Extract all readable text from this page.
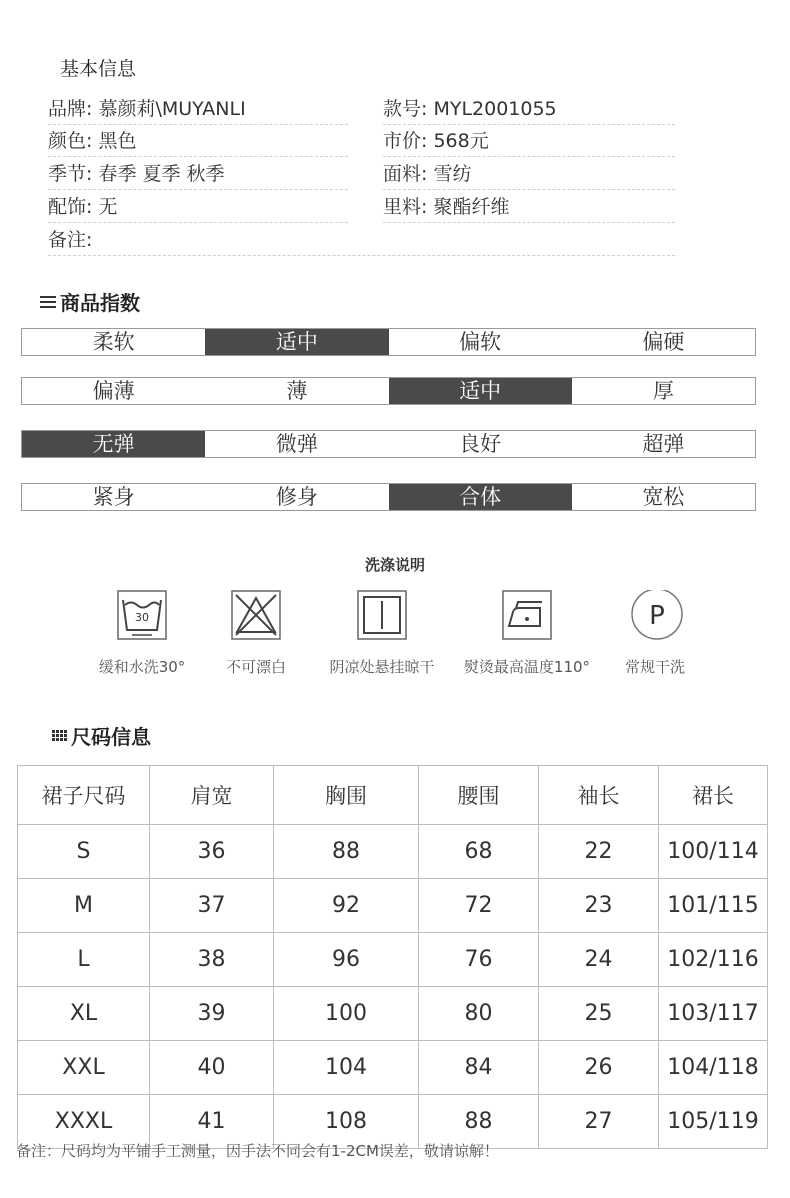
基本信息
品牌: 慕颜莉\MUYANLI	款号: MYL2001055
颜色: 黑色	市价: 568元
季节: 春季 夏季 秋季	面料: 雪纺
配饰: 无	里料: 聚酯纤维
备注:
商品指数
柔软	适中	偏软	偏硬
偏薄	薄	适中	厚
无弹	微弹	良好	超弹
紧身	修身	合体	宽松
洗涤说明
30
缓和水洗30°	不可漂白	阴凉处悬挂晾干	熨烫最高温度110°
P
常规干洗
尺码信息
裙子尺码	肩宽	胸围	腰围	袖长	裙长
S	36	88	68	22	100/114
M	37	92	72	23	101/115
L	38	96	76	24	102/116
XL	39	100	80	25	103/117
XXL	40	104	84	26	104/118
XXXL	41	108	88	27	105/119
备注：尺码均为平铺手工测量，因手法不同会有1-2CM误差，敬请谅解！
